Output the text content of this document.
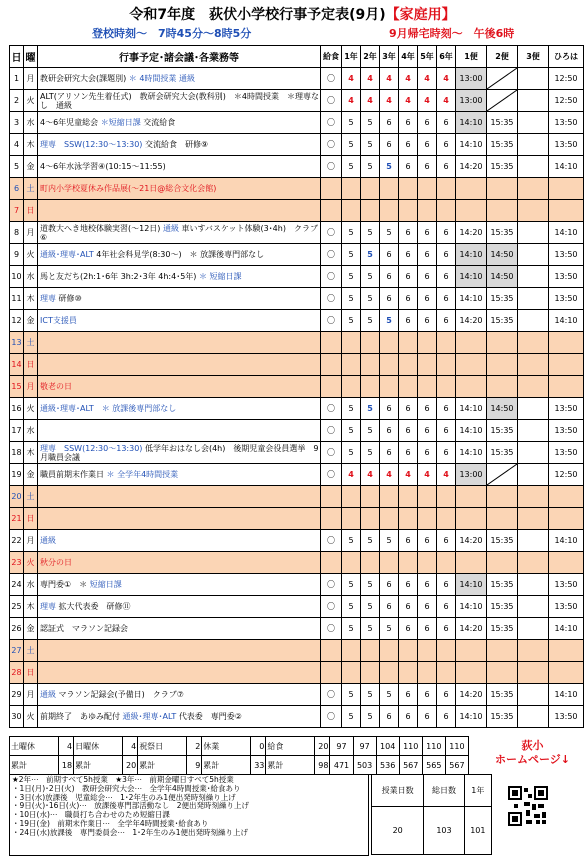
令和7年度　荻伏小学校行事予定表(9月)【家庭用】
登校時刻～　7時45分～8時5分	9月帰宅時刻～　午後6時
日	曜	行事予定･諸会議･各業務等	給食	1年	2年	3年	4年	5年	6年	1便	2便	3便	ひろは
1	月	教研会研究大会(課題別) ＊ 4時間授業 通級	〇	4	4	4	4	4	4	13:00			12:50
2	火	ALT(アリソン先生着任式)　教研会研究大会(教科別)　＊4時間授業　＊理専なし　通級	〇	4	4	4	4	4	4	13:00			12:50
3	水	4～6年児童総会 ＊短縮日課 交流給食	〇	5	5	6	6	6	6	14:10	15:35		13:50
4	木	理専　SSW(12:30～13:30) 交流給食　研修⑨	〇	5	5	6	6	6	6	14:10	15:35		13:50
5	金	4～6年水泳学習④(10:15～11:55)	〇	5	5	5	6	6	6	14:20	15:35		14:10
6	土	町内小学校夏休み作品展(～21日@総合文化会館)											
7	日												
8	月	道教大へき地校体験実習(～12日) 通級 車いすバスケット体験(3･4h)　クラブ⑥	〇	5	5	5	6	6	6	14:20	15:35		14:10
9	火	通級･理専･ALT 4年社会科見学(8:30～)　＊ 放課後専門部なし	〇	5	5	6	6	6	6	14:10	14:50		13:50
10	水	馬と友だち(2h:1･6年 3h:2･3年 4h:4･5年) ＊ 短縮日課	〇	5	5	6	6	6	6	14:10	14:50		13:50
11	木	理専 研修⑩	〇	5	5	6	6	6	6	14:10	15:35		13:50
12	金	ICT支援員	〇	5	5	5	6	6	6	14:20	15:35		14:10
13	土												
14	日												
15	月	敬老の日											
16	火	通級･理専･ALT　＊ 放課後専門部なし	〇	5	5	6	6	6	6	14:10	14:50		13:50
17	水		〇	5	5	6	6	6	6	14:10	15:35		13:50
18	木	理専　SSW(12:30～13:30) 低学年おはなし会(4h)　後期児童会役員選挙　9月職員会議	〇	5	5	6	6	6	6	14:10	15:35		13:50
19	金	職員前期末作業日 ＊ 全学年4時間授業	〇	4	4	4	4	4	4	13:00			12:50
20	土												
21	日												
22	月	通級	〇	5	5	5	6	6	6	14:20	15:35		14:10
23	火	秋分の日											
24	水	専門委①　＊ 短縮日課	〇	5	5	6	6	6	6	14:10	15:35		13:50
25	木	理専 拡大代表委　研修⑪	〇	5	5	6	6	6	6	14:10	15:35		13:50
26	金	認証式　マラソン記録会	〇	5	5	5	6	6	6	14:20	15:35		14:10
27	土												
28	日												
29	月	通級 マラソン記録会(予備日)　クラブ⑦	〇	5	5	5	6	6	6	14:20	15:35		14:10
30	火	前期終了　あゆみ配付 通級･理専･ALT 代表委　専門委②	〇	5	5	6	6	6	6	14:10	15:35		13:50
土曜休	4	日曜休	4	祝祭日	2	休業	0	給食	20	97	97	104	110	110	110
累計	18	累計	20	累計	9	累計	33	累計	98	471	503	536	567	565	567
荻小
ホームページ↓
★2年⋯　前期すべて5h授業　★3年⋯　前期金曜日すべて5h授業
・1日(月)･2日(火)　教研会研究大会⋯　全学年4時間授業･給食あり
・3日(水)放課後　児童総会⋯　1･2年生のみ1便出発時刻繰り上げ
・9日(火)･16日(火)⋯　放課後専門部活動なし　2便出発時刻繰り上げ
・10日(水)⋯　職員打ち合わせのため短縮日課
・19日(金)　前期末作業日⋯　全学年4時間授業･給食あり
・24日(水)放課後　専門委員会⋯　1･2年生のみ1便出発時刻繰り上げ
授業日数	総日数	1年
20	103	101
